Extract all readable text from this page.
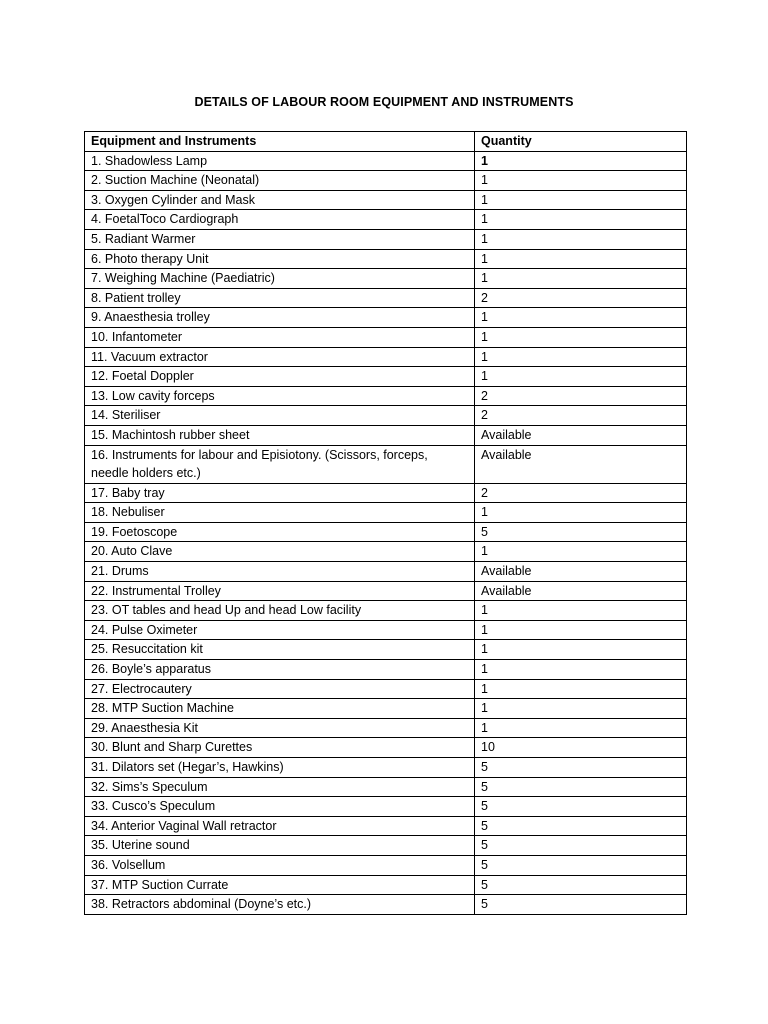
DETAILS OF LABOUR ROOM EQUIPMENT AND INSTRUMENTS
Equipment and Instruments	Quantity
1. Shadowless Lamp	1
2. Suction Machine (Neonatal)	1
3. Oxygen Cylinder and Mask	1
4. FoetalToco Cardiograph	1
5. Radiant Warmer	1
6. Photo therapy Unit	1
7. Weighing Machine (Paediatric)	1
8. Patient trolley	2
9. Anaesthesia trolley	1
10. Infantometer	1
11. Vacuum extractor	1
12. Foetal Doppler	1
13. Low cavity forceps	2
14. Steriliser	2
15. Machintosh rubber sheet	Available
16. Instruments for labour and Episiotony. (Scissors, forceps, needle holders etc.)	Available
17. Baby tray	2
18. Nebuliser	1
19. Foetoscope	5
20. Auto Clave	1
21. Drums	Available
22. Instrumental Trolley	Available
23. OT tables and head Up and head Low facility	1
24. Pulse Oximeter	1
25. Resuccitation kit	1
26. Boyle’s apparatus	1
27. Electrocautery	1
28. MTP Suction Machine	1
29. Anaesthesia Kit	1
30. Blunt and Sharp Curettes	10
31. Dilators set (Hegar’s, Hawkins)	5
32. Sims’s Speculum	5
33. Cusco’s Speculum	5
34. Anterior Vaginal Wall retractor	5
35. Uterine sound	5
36. Volsellum	5
37. MTP Suction Currate	5
38. Retractors abdominal (Doyne’s etc.)	5
